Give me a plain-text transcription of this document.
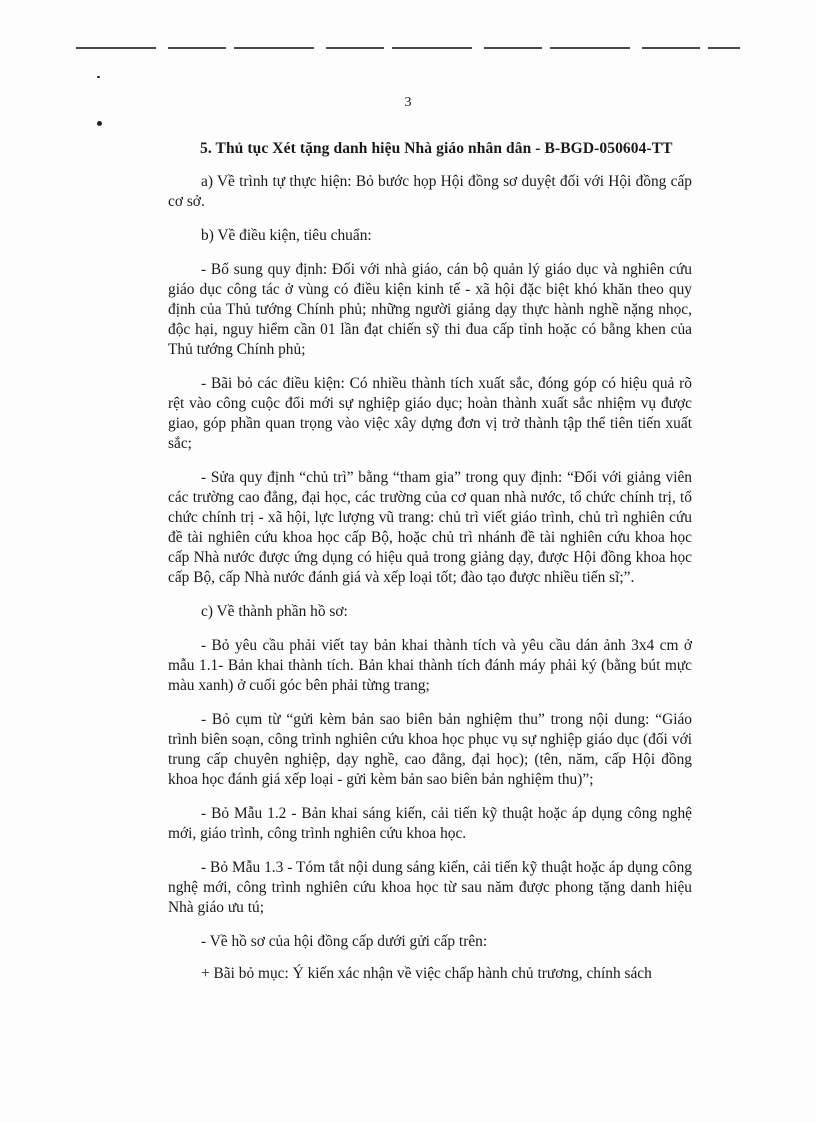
3
5. Thủ tục Xét tặng danh hiệu Nhà giáo nhân dân - B-BGD-050604-TT

a) Về trình tự thực hiện: Bỏ bước họp Hội đồng sơ duyệt đối với Hội đồng cấp cơ sở.

b) Về điều kiện, tiêu chuẩn:

- Bổ sung quy định: Đối với nhà giáo, cán bộ quản lý giáo dục và nghiên cứu giáo dục công tác ở vùng có điều kiện kinh tế - xã hội đặc biệt khó khăn theo quy định của Thủ tướng Chính phủ; những người giảng dạy thực hành nghề nặng nhọc, độc hại, nguy hiểm cần 01 lần đạt chiến sỹ thi đua cấp tỉnh hoặc có bằng khen của Thủ tướng Chính phủ;

- Bãi bỏ các điều kiện: Có nhiều thành tích xuất sắc, đóng góp có hiệu quả rõ rệt vào công cuộc đổi mới sự nghiệp giáo dục; hoàn thành xuất sắc nhiệm vụ được giao, góp phần quan trọng vào việc xây dựng đơn vị trở thành tập thể tiên tiến xuất sắc;

- Sửa quy định “chủ trì” bằng “tham gia” trong quy định: “Đối với giảng viên các trường cao đẳng, đại học, các trường của cơ quan nhà nước, tổ chức chính trị, tổ chức chính trị - xã hội, lực lượng vũ trang: chủ trì viết giáo trình, chủ trì nghiên cứu đề tài nghiên cứu khoa học cấp Bộ, hoặc chủ trì nhánh đề tài nghiên cứu khoa học cấp Nhà nước được ứng dụng có hiệu quả trong giảng dạy, được Hội đồng khoa học cấp Bộ, cấp Nhà nước đánh giá và xếp loại tốt; đào tạo được nhiều tiến sĩ;”.

c) Về thành phần hồ sơ:

- Bỏ yêu cầu phải viết tay bản khai thành tích và yêu cầu dán ảnh 3x4 cm ở mẫu 1.1- Bản khai thành tích. Bản khai thành tích đánh máy phải ký (bằng bút mực màu xanh) ở cuối góc bên phải từng trang;

- Bỏ cụm từ “gửi kèm bản sao biên bản nghiệm thu” trong nội dung: “Giáo trình biên soạn, công trình nghiên cứu khoa học phục vụ sự nghiệp giáo dục (đối với trung cấp chuyên nghiệp, dạy nghề, cao đẳng, đại học); (tên, năm, cấp Hội đồng khoa học đánh giá xếp loại - gửi kèm bản sao biên bản nghiệm thu)”;

- Bỏ Mẫu 1.2 - Bản khai sáng kiến, cải tiến kỹ thuật hoặc áp dụng công nghệ mới, giáo trình, công trình nghiên cứu khoa học.

- Bỏ Mẫu 1.3 - Tóm tắt nội dung sáng kiến, cải tiến kỹ thuật hoặc áp dụng công nghệ mới, công trình nghiên cứu khoa học từ sau năm được phong tặng danh hiệu Nhà giáo ưu tú;

- Về hồ sơ của hội đồng cấp dưới gửi cấp trên:

+ Bãi bỏ mục: Ý kiến xác nhận về việc chấp hành chủ trương, chính sách
